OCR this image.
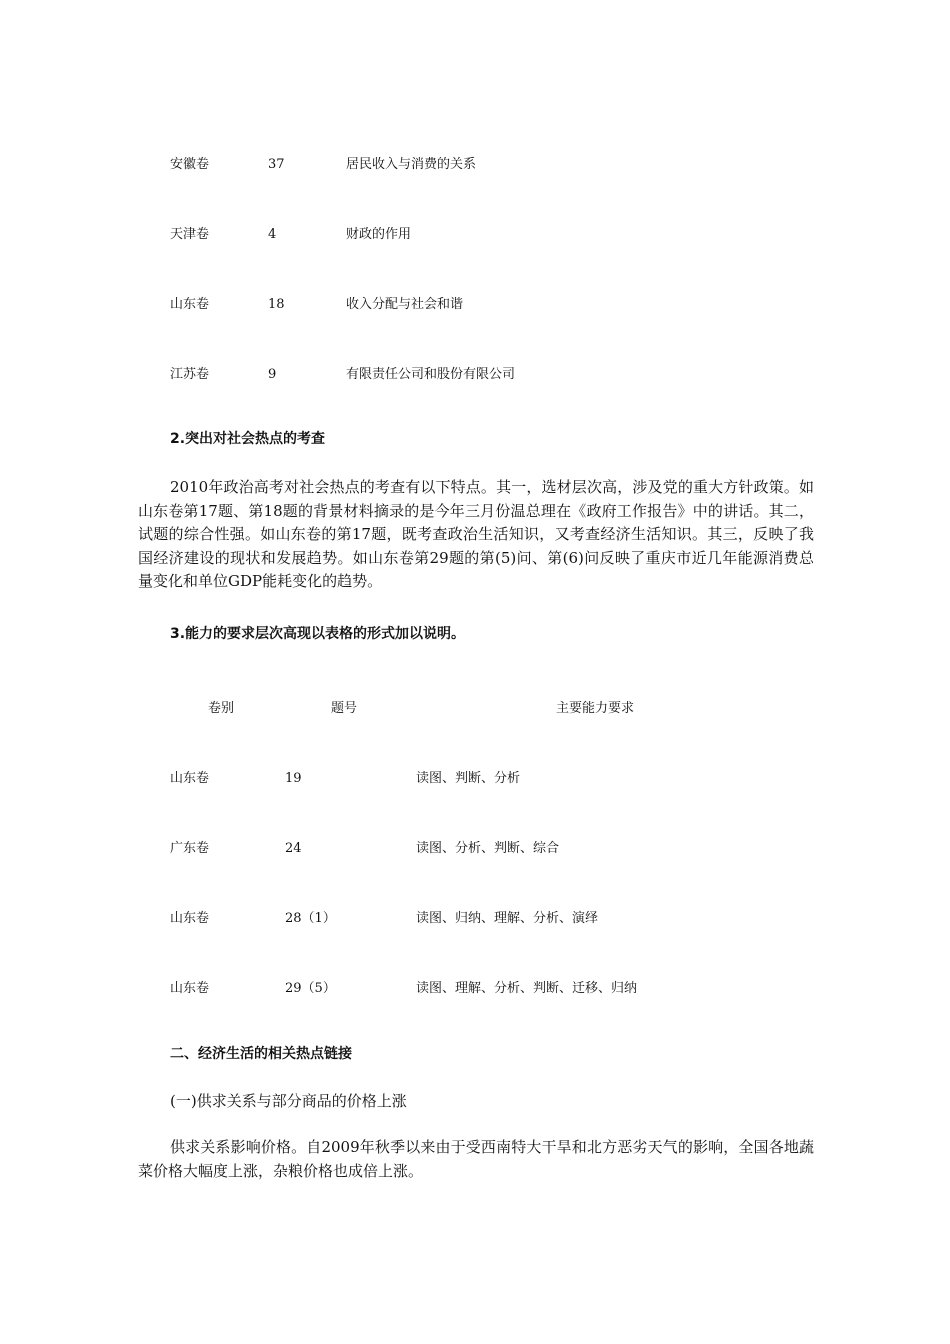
安徽卷	37	居民收入与消费的关系
天津卷	4	财政的作用
山东卷	18	收入分配与社会和谐
江苏卷	9	有限责任公司和股份有限公司
2.突出对社会热点的考查

2010年政治高考对社会热点的考查有以下特点。其一，选材层次高，涉及党的重大方针政策。如山东卷第17题、第18题的背景材料摘录的是今年三月份温总理在《政府工作报告》中的讲话。其二，试题的综合性强。如山东卷的第17题，既考查政治生活知识，又考查经济生活知识。其三，反映了我国经济建设的现状和发展趋势。如山东卷第29题的第(5)问、第(6)问反映了重庆市近几年能源消费总量变化和单位GDP能耗变化的趋势。

3.能力的要求层次高现以表格的形式加以说明。
卷别	题号	主要能力要求
山东卷	19	读图、判断、分析
广东卷	24	读图、分析、判断、综合
山东卷	28（1）	读图、归纳、理解、分析、演绎
山东卷	29（5）	读图、理解、分析、判断、迁移、归纳
二、经济生活的相关热点链接
(一)供求关系与部分商品的价格上涨

供求关系影响价格。自2009年秋季以来由于受西南特大干旱和北方恶劣天气的影响，全国各地蔬菜价格大幅度上涨，杂粮价格也成倍上涨。
